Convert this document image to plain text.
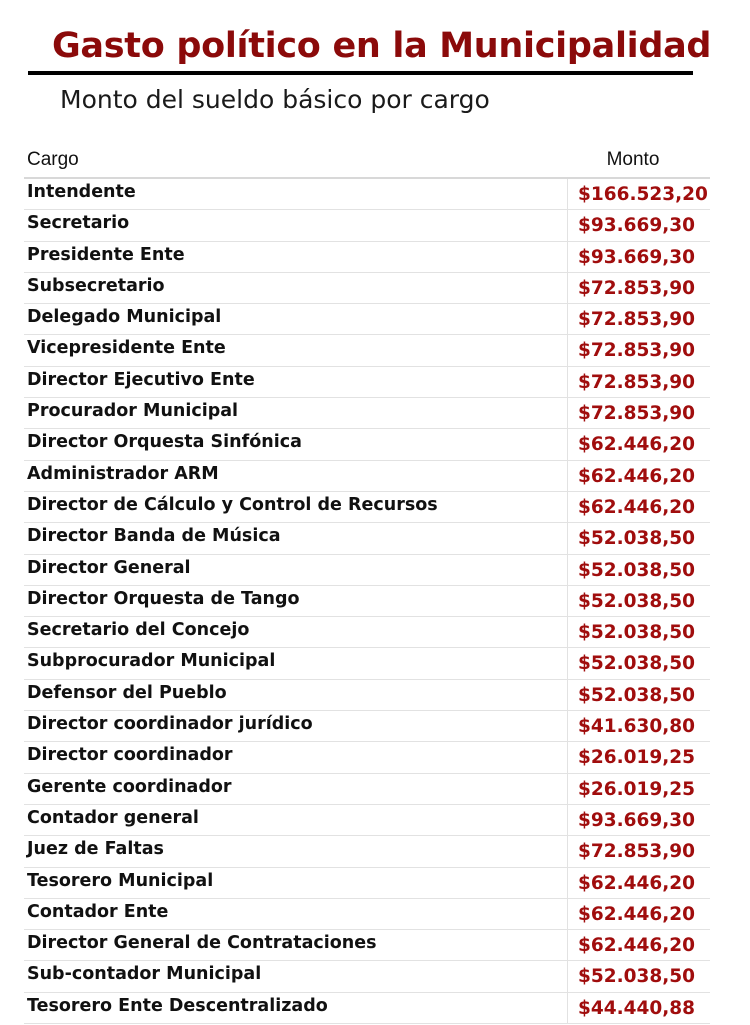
Gasto político en la Municipalidad
Monto del sueldo básico por cargo
Cargo	Monto
Intendente	$166.523,20
Secretario	$93.669,30
Presidente Ente	$93.669,30
Subsecretario	$72.853,90
Delegado Municipal	$72.853,90
Vicepresidente Ente	$72.853,90
Director Ejecutivo Ente	$72.853,90
Procurador Municipal	$72.853,90
Director Orquesta Sinfónica	$62.446,20
Administrador ARM	$62.446,20
Director de Cálculo y Control de Recursos	$62.446,20
Director Banda de Música	$52.038,50
Director General	$52.038,50
Director Orquesta de Tango	$52.038,50
Secretario del Concejo	$52.038,50
Subprocurador Municipal	$52.038,50
Defensor del Pueblo	$52.038,50
Director coordinador jurídico	$41.630,80
Director coordinador	$26.019,25
Gerente coordinador	$26.019,25
Contador general	$93.669,30
Juez de Faltas	$72.853,90
Tesorero Municipal	$62.446,20
Contador Ente	$62.446,20
Director General de Contrataciones	$62.446,20
Sub-contador Municipal	$52.038,50
Tesorero Ente Descentralizado	$44.440,88
